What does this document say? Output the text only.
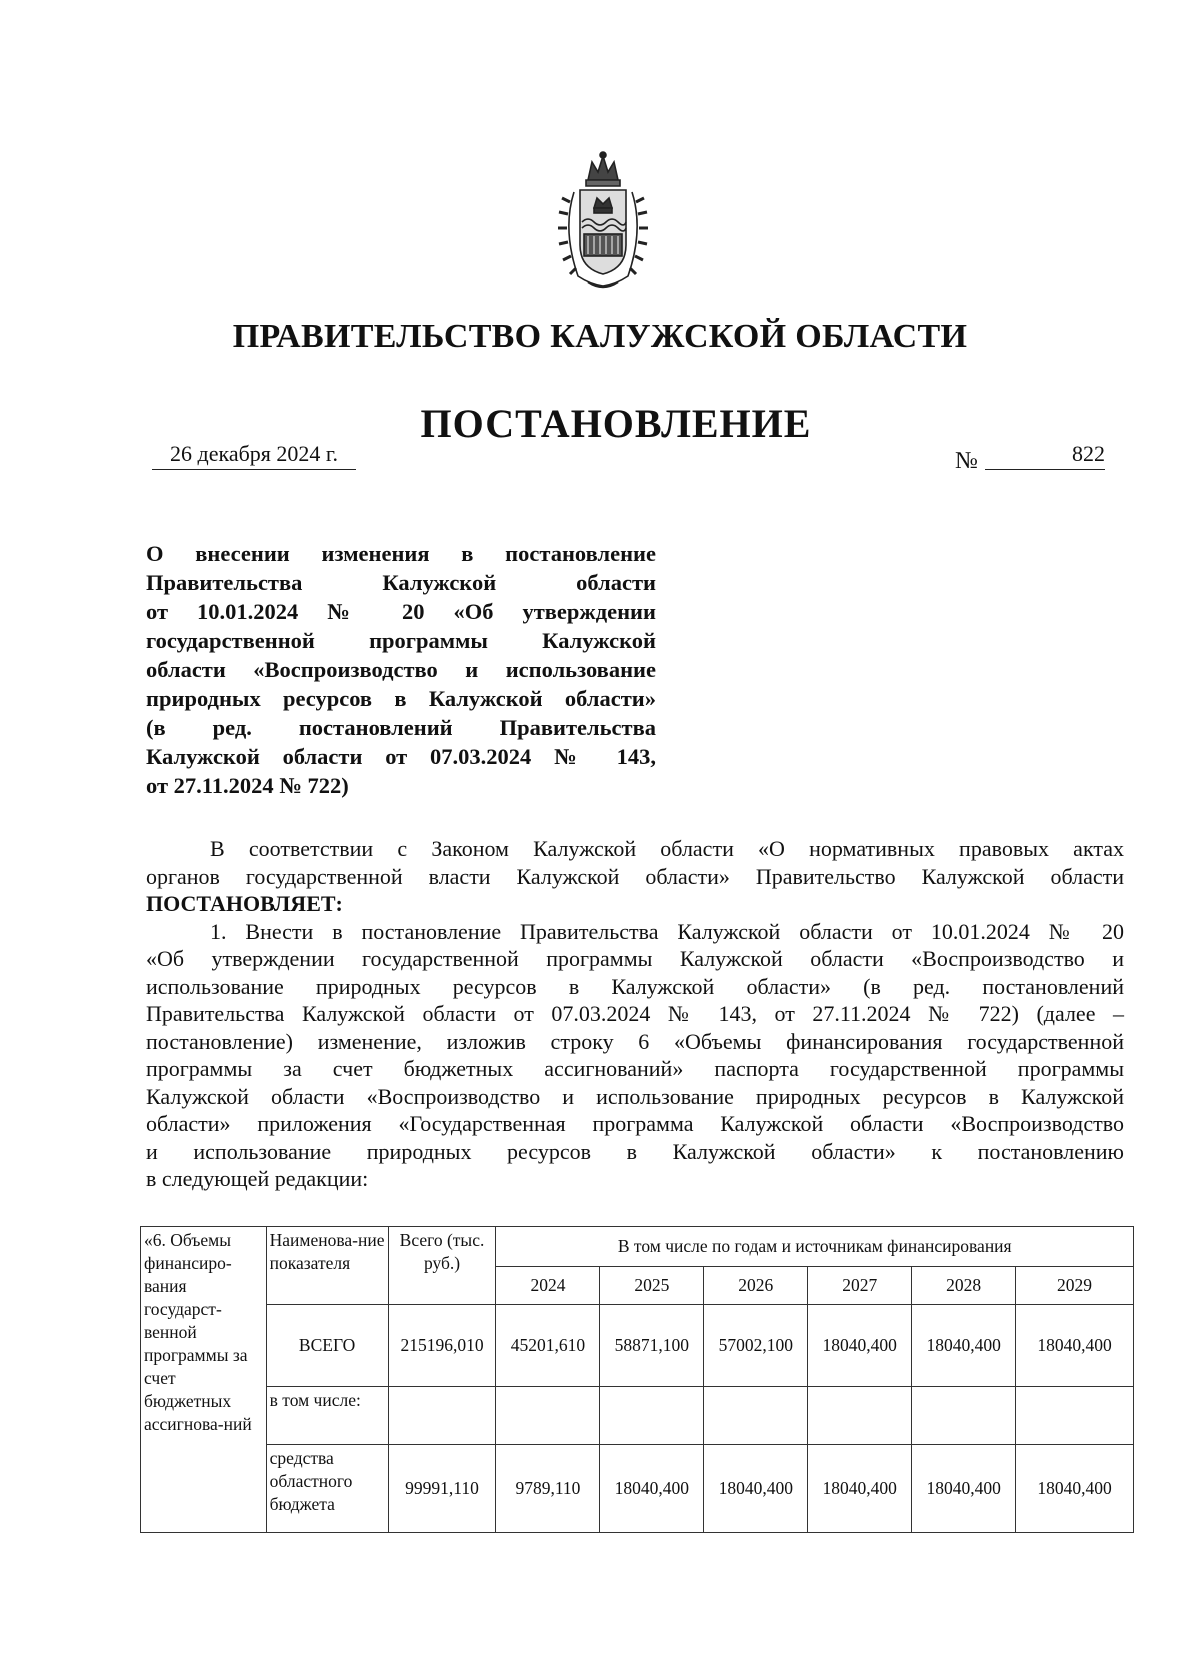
ПРАВИТЕЛЬСТВО КАЛУЖСКОЙ ОБЛАСТИ
ПОСТАНОВЛЕНИЕ
26 декабря 2024 г.	№	822
О внесении изменения в постановление
Правительства Калужской области
от 10.01.2024 № 20 «Об утверждении
государственной программы Калужской
области «Воспроизводство и использование
природных ресурсов в Калужской области»
(в ред. постановлений Правительства
Калужской области от 07.03.2024 № 143,
от 27.11.2024 № 722)
В соответствии с Законом Калужской области «О нормативных правовых актах
органов государственной власти Калужской области» Правительство Калужской области
ПОСТАНОВЛЯЕТ:
1. Внести в постановление Правительства Калужской области от 10.01.2024 № 20
«Об утверждении государственной программы Калужской области «Воспроизводство и
использование природных ресурсов в Калужской области» (в ред. постановлений
Правительства Калужской области от 07.03.2024 № 143, от 27.11.2024 № 722) (далее –
постановление) изменение, изложив строку 6 «Объемы финансирования государственной
программы за счет бюджетных ассигнований» паспорта государственной программы
Калужской области «Воспроизводство и использование природных ресурсов в Калужской
области» приложения «Государственная программа Калужской области «Воспроизводство
и использование природных ресурсов в Калужской области» к постановлению
в следующей редакции:
«6. Объемы финансиро-вания государст-венной программы за счет бюджетных ассигнова-ний	Наименова-ние показателя	Всего (тыс. руб.)	В том числе по годам и источникам финансирования					
			2024	2025	2026	2027	2028	2029
	ВСЕГО	215196,010	45201,610	58871,100	57002,100	18040,400	18040,400	18040,400
	в том числе:							
	средства областного бюджета	99991,110	9789,110	18040,400	18040,400	18040,400	18040,400	18040,400
